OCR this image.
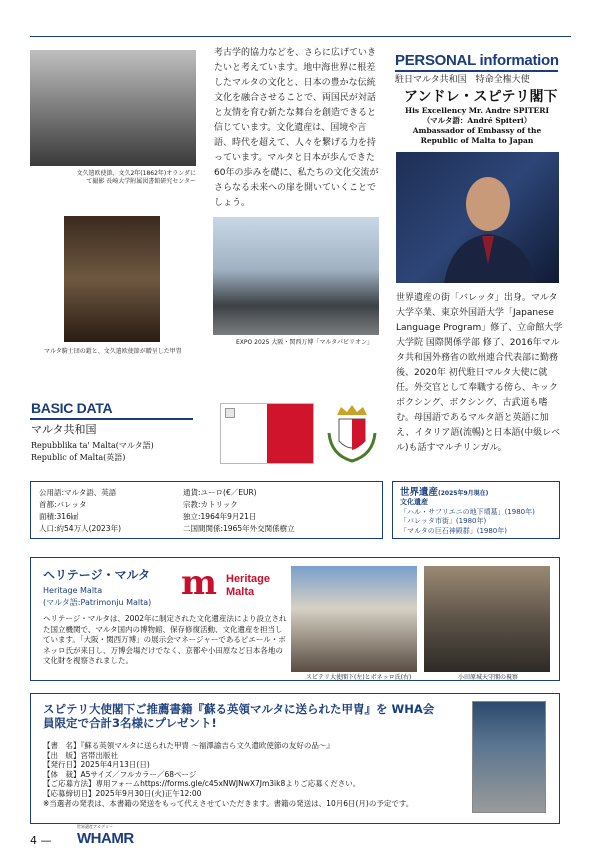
文久遣欧使節、文久2年(1862年)オランダにて撮影 長崎大学附属図書館研究センター
考古学的協力などを、さらに広げていきたいと考えています。地中海世界に根差したマルタの文化と、日本の豊かな伝統文化を融合させることで、両国民が対話と友情を育む新たな舞台を創造できると信じています。文化遺産は、国境や言語、時代を超えて、人々を繋げる力を持っています。マルタと日本が歩んできた60年の歩みを礎に、私たちの文化交流がさらなる未来への扉を開いていくことでしょう。
PERSONAL information
駐日マルタ共和国　特命全権大使
アンドレ・スピテリ閣下
His Excellency Mr. Andre SPITERI
（マルタ語：André Spiteri）
Ambassador of Embassy of the
Republic of Malta to Japan
マルタ騎士団の鎧と、文久遣欧使節が贈呈した甲冑
EXPO 2025 大阪・関西万博「マルタパビリオン」
世界遺産の街「バレッタ」出身。マルタ大学卒業、東京外国語大学「Japanese Language Program」修了、立命館大学大学院 国際関係学部 修了、2016年マルタ共和国外務省の欧州連合代表部に勤務後、2020年 初代駐日マルタ大使に就任。外交官として奉職する傍ら、キックボクシング、ボクシング、古武道も嗜む。母国語であるマルタ語と英語に加え、イタリア語(流暢)と日本語(中級レベル)も話すマルチリンガル。
BASIC DATA
マルタ共和国
Repubblika ta' Malta(マルタ語)
Republic of Malta(英語)
公用語:マルタ語、英語
首都:バレッタ
面積:316㎢
人口:約54万人(2023年)
通貨:ユーロ(€／EUR)
宗教:カトリック
独立:1964年9月21日
二国間関係:1965年外交関係樹立
世界遺産(2025年9月現在)
文化遺産
「ハル・サフリエニの地下墳墓」(1980年)
「バレッタ市街」(1980年)
「マルタの巨石神殿群」(1980年)
ヘリテージ・マルタ
Heritage Malta
(マルタ語:Patrimonju Malta) m Heritage
Malta
ヘリテージ・マルタは、2002年に制定された文化遺産法により設立された国立機関で、マルタ国内の博物館、保存修復活動、文化遺産を担当しています。「大阪・関西万博」の展示会マネージャーであるピエール・ボネッロ氏が来日し、万博会場だけでなく、京都や小田原など日本各地の文化財を視察されました。
スピテリ大使閣下(左)とボネッロ氏(右)	小田原城天守閣の視察
スピテリ大使閣下ご推薦書籍『蘇る英領マルタに送られた甲冑』を WHA会員限定で合計3名様にプレゼント!
【書　名】『蘇る英領マルタに送られた甲冑 〜福澤諭吉ら文久遣欧使節の友好の品〜』
【出　版】宮帯出版社
【発行日】2025年4月13日(日)
【体　裁】A5サイズ／フルカラー／68ページ
【ご応募方法】専用フォームhttps://forms.gle/c45xNWJNwX7Jm3ik8よりご応募ください。
【応募締切日】2025年9月30日(火)正午12:00
※当選者の発表は、本書籍の発送をもって代えさせていただきます。書籍の発送は、10月6日(月)の予定です。
4 —
世界遺産アカデミー
WHAMR
